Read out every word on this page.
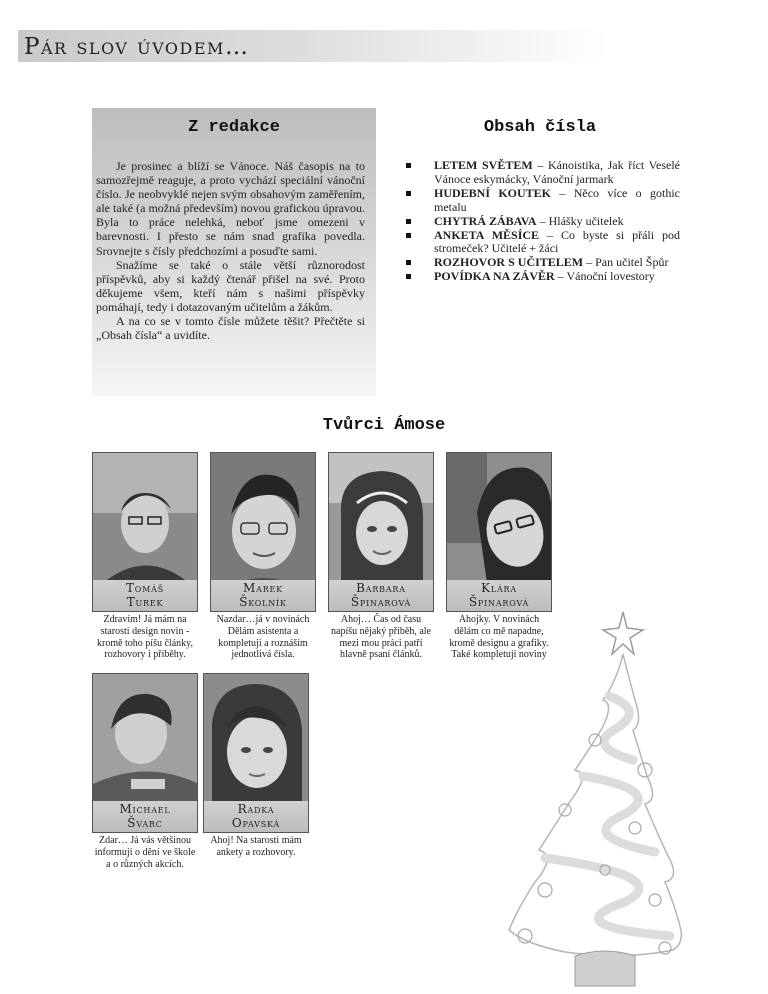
Pár slov úvodem…
Z redakce

Je prosinec a blíží se Vánoce. Náš časopis na to samozřejmě reaguje, a proto vychází speciální vánoční číslo. Je neobvyklé nejen svým obsahovým zaměřením, ale také (a možná především) novou grafickou úpravou. Byla to práce nelehká, neboť jsme omezeni v barevnosti. I přesto se nám snad grafika povedla. Srovnejte s čísly předchozími a posuďte sami.

Snažíme se také o stále větší různorodost příspěvků, aby si každý čtenář přišel na své. Proto děkujeme všem, kteří nám s našimi příspěvky pomáhají, tedy i dotazovaným učitelům a žákům.

A na co se v tomto čísle můžete těšit? Přečtěte si „Obsah čísla“ a uvidíte.

Obsah čísla
LETEM SVĚTEM – Kánoistika, Jak říct Veselé Vánoce eskymácky, Vánoční jarmark
HUDEBNÍ KOUTEK – Něco více o gothic metalu
CHYTRÁ ZÁBAVA – Hlášky učitelek
ANKETA MĚSÍCE – Co byste si přáli pod stromeček? Učitelé + žáci
ROZHOVOR S UČITELEM – Pan učitel Špůr
POVÍDKA NA ZÁVĚR – Vánoční lovestory
Tvůrci Ámose
Tomáš
Turek
Zdravím! Já mám na starosti design novin - kromě toho píšu články, rozhovory i příběhy.
Marek
Školník
Nazdar…já v novinách Dělám asistenta a kompletuji a roznáším jednotlivá čísla.
Barbara
Špinarová
Ahoj… Čas od času napíšu nějaký příběh, ale mezi mou práci patří hlavně psaní článků.
Klára
Špinarová
Ahojky. V novinách dělám co mě napadne, kromě designu a grafiky. Také kompletuji noviny
Michael
Švarc
Zdar… Já vás většinou informuji o dění ve škole a o různých akcích.
Radka
Opavská
Ahoj! Na starosti mám ankety a rozhovory.
